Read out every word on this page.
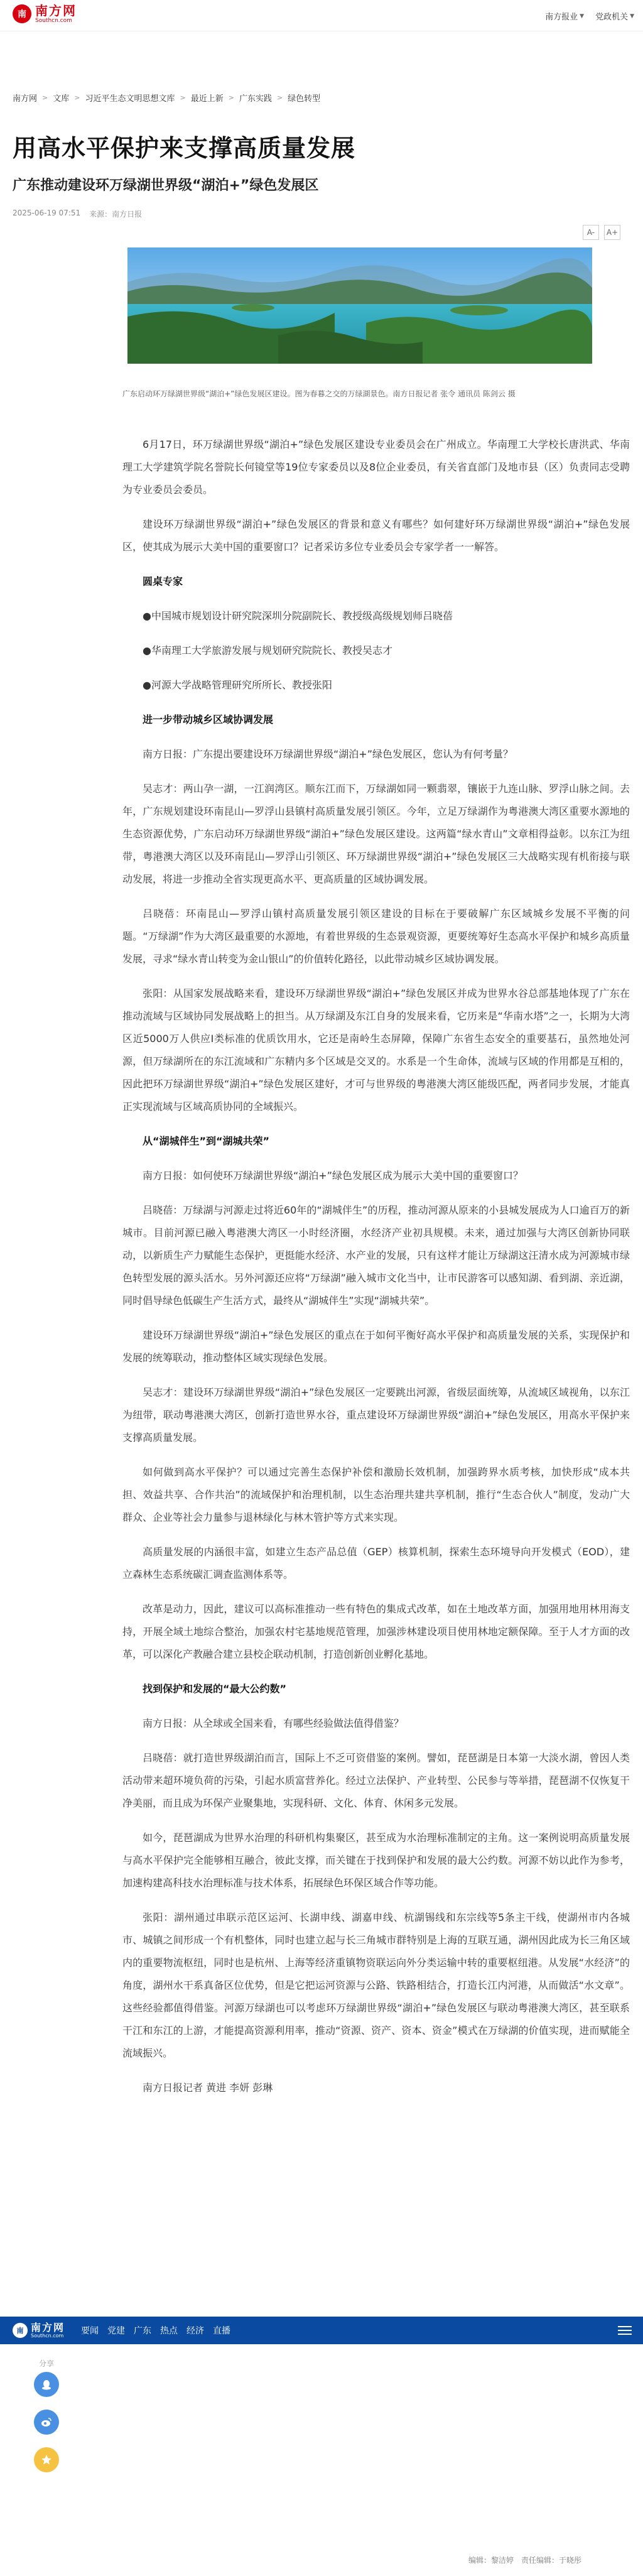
南 南方网
Southcn.com	南方报业 ▼ 党政机关 ▼
南方网 > 文库 > 习近平生态文明思想文库 > 最近上新 > 广东实践 > 绿色转型
用高水平保护来支撑高质量发展
广东推动建设环万绿湖世界级“湖泊+”绿色发展区
2025-06-19 07:51 来源：南方日报
A-	A+
广东启动环万绿湖世界级“湖泊+”绿色发展区建设。图为春暮之交的万绿湖景色。南方日报记者 张令 通讯员 陈剑云 摄

6月17日，环万绿湖世界级“湖泊+”绿色发展区建设专业委员会在广州成立。华南理工大学校长唐洪武、华南理工大学建筑学院名誉院长何镜堂等19位专家委员以及8位企业委员，有关省直部门及地市县（区）负责同志受聘为专业委员会委员。

建设环万绿湖世界级“湖泊+”绿色发展区的背景和意义有哪些？如何建好环万绿湖世界级“湖泊+”绿色发展区，使其成为展示大美中国的重要窗口？记者采访多位专业委员会专家学者一一解答。

圆桌专家

●中国城市规划设计研究院深圳分院副院长、教授级高级规划师吕晓蓓

●华南理工大学旅游发展与规划研究院院长、教授吴志才

●河源大学战略管理研究所所长、教授张阳

进一步带动城乡区域协调发展

南方日报：广东提出要建设环万绿湖世界级“湖泊+”绿色发展区，您认为有何考量？

吴志才：两山孕一湖，一江润湾区。顺东江而下，万绿湖如同一颗翡翠，镶嵌于九连山脉、罗浮山脉之间。去年，广东规划建设环南昆山—罗浮山县镇村高质量发展引领区。今年，立足万绿湖作为粤港澳大湾区重要水源地的生态资源优势，广东启动环万绿湖世界级“湖泊+”绿色发展区建设。这两篇“绿水青山”文章相得益彰。以东江为纽带，粤港澳大湾区以及环南昆山—罗浮山引领区、环万绿湖世界级“湖泊+”绿色发展区三大战略实现有机衔接与联动发展，将进一步推动全省实现更高水平、更高质量的区域协调发展。

吕晓蓓：环南昆山—罗浮山镇村高质量发展引领区建设的目标在于要破解广东区域城乡发展不平衡的问题。“万绿湖”作为大湾区最重要的水源地，有着世界级的生态景观资源，更要统筹好生态高水平保护和城乡高质量发展，寻求“绿水青山转变为金山银山”的价值转化路径，以此带动城乡区域协调发展。

张阳：从国家发展战略来看，建设环万绿湖世界级“湖泊+”绿色发展区并成为世界水谷总部基地体现了广东在推动流域与区域协同发展战略上的担当。从万绿湖及东江自身的发展来看，它历来是“华南水塔”之一，长期为大湾区近5000万人供应Ⅰ类标准的优质饮用水，它还是南岭生态屏障，保障广东省生态安全的重要基石，虽然地处河源，但万绿湖所在的东江流域和广东精内多个区域是交叉的。水系是一个生命体，流域与区域的作用都是互相的，因此把环万绿湖世界级“湖泊+”绿色发展区建好，才可与世界级的粤港澳大湾区能级匹配，两者同步发展，才能真正实现流域与区域高质协同的全域振兴。

从“湖城伴生”到“湖城共荣”

南方日报：如何使环万绿湖世界级“湖泊+”绿色发展区成为展示大美中国的重要窗口？

吕晓蓓：万绿湖与河源走过将近60年的“湖城伴生”的历程，推动河源从原来的小县城发展成为人口逾百万的新城市。目前河源已融入粤港澳大湾区一小时经济圈，水经济产业初具规模。未来，通过加强与大湾区创新协同联动，以新质生产力赋能生态保护，更挺能水经济、水产业的发展，只有这样才能让万绿湖这汪清水成为河源城市绿色转型发展的源头活水。另外河源还应将“万绿湖”融入城市文化当中，让市民游客可以感知湖、看到湖、亲近湖，同时倡导绿色低碳生产生活方式，最终从“湖城伴生”实现“湖城共荣”。

建设环万绿湖世界级“湖泊+”绿色发展区的重点在于如何平衡好高水平保护和高质量发展的关系，实现保护和发展的统筹联动，推动整体区域实现绿色发展。

吴志才：建设环万绿湖世界级“湖泊+”绿色发展区一定要跳出河源，省级层面统筹，从流域区域视角，以东江为纽带，联动粤港澳大湾区，创新打造世界水谷，重点建设环万绿湖世界级“湖泊+”绿色发展区，用高水平保护来支撑高质量发展。

如何做到高水平保护？可以通过完善生态保护补偿和激励长效机制，加强跨界水质考核，加快形成“成本共担、效益共享、合作共治”的流域保护和治理机制，以生态治理共建共享机制，推行“生态合伙人”制度，发动广大群众、企业等社会力量参与退林绿化与林木管护等方式来实现。

高质量发展的内涵很丰富，如建立生态产品总值（GEP）核算机制，探索生态环境导向开发模式（EOD），建立森林生态系统碳汇调查监测体系等。

改革是动力，因此，建议可以高标准推动一些有特色的集成式改革，如在土地改革方面，加强用地用林用海支持，开展全域土地综合整治，加强农村宅基地规范管理，加强涉林建设项目使用林地定额保障。至于人才方面的改革，可以深化产教融合建立县校企联动机制，打造创新创业孵化基地。

找到保护和发展的“最大公约数”

南方日报：从全球或全国来看，有哪些经验做法值得借鉴？

吕晓蓓：就打造世界级湖泊而言，国际上不乏可资借鉴的案例。譬如，琵琶湖是日本第一大淡水湖，曾因人类活动带来超环境负荷的污染，引起水质富营养化。经过立法保护、产业转型、公民参与等举措，琵琶湖不仅恢复干净美丽，而且成为环保产业聚集地，实现科研、文化、体育、休闲多元发展。

如今，琵琶湖成为世界水治理的科研机构集聚区，甚至成为水治理标准制定的主角。这一案例说明高质量发展与高水平保护完全能够相互融合，彼此支撑，而关键在于找到保护和发展的最大公约数。河源不妨以此作为参考，加速构建高科技水治理标准与技术体系，拓展绿色环保区域合作等功能。

张阳：湖州通过串联示范区运河、长湖申线、湖嘉申线、杭湖锡线和东宗线等5条主干线，使湖州市内各城市、城镇之间形成一个有机整体，同时也建立起与长三角城市群特别是上海的互联互通，湖州因此成为长三角区域内的重要物流枢纽，同时也是杭州、上海等经济重镇物资联运向外分类运输中转的重要枢纽港。从发展“水经济”的角度，湖州水干系真备区位优势，但是它把运河资源与公路、铁路相结合，打造长江内河港，从而做活“水文章”。这些经验都值得借鉴。河源万绿湖也可以考虑环万绿湖世界级“湖泊+”绿色发展区与联动粤港澳大湾区，甚至联系干江和东江的上游，才能提高资源利用率，推动“资源、资产、资本、资金”模式在万绿湖的价值实现，进而赋能全流域振兴。

南方日报记者 黄进 李妍 彭琳

编辑：黎洁婷 责任编辑：于晓彤
南 南方网
Southcn.com 要闻 党建 广东 热点 经济 直播
分享
